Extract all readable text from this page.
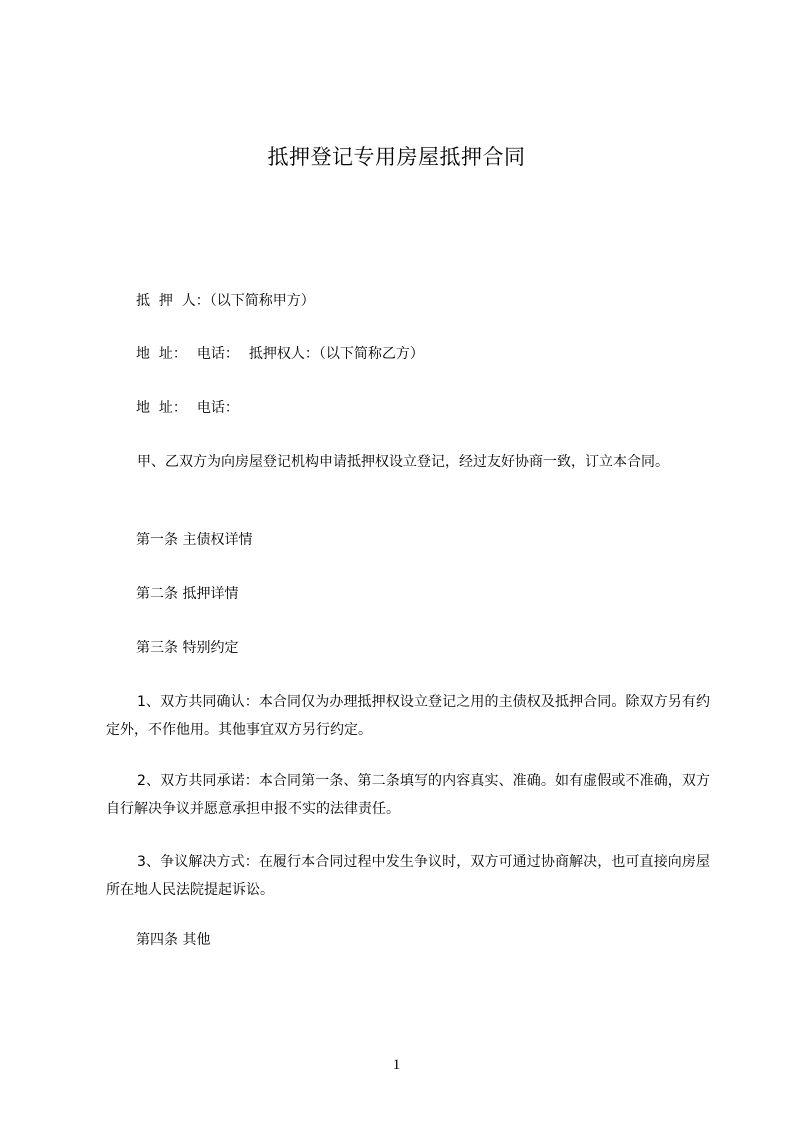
抵押登记专用房屋抵押合同

抵  押  人：（以下简称甲方）

地  址： 电话： 抵押权人：（以下简称乙方）

地  址： 电话：

甲、乙双方为向房屋登记机构申请抵押权设立登记，经过友好协商一致，订立本合同。

第一条 主债权详情

第二条 抵押详情

第三条 特别约定

1、双方共同确认：本合同仅为办理抵押权设立登记之用的主债权及抵押合同。除双方另有约定外，不作他用。其他事宜双方另行约定。

2、双方共同承诺：本合同第一条、第二条填写的内容真实、准确。如有虚假或不准确，双方自行解决争议并愿意承担申报不实的法律责任。

3、争议解决方式：在履行本合同过程中发生争议时，双方可通过协商解决，也可直接向房屋所在地人民法院提起诉讼。

第四条 其他

1
